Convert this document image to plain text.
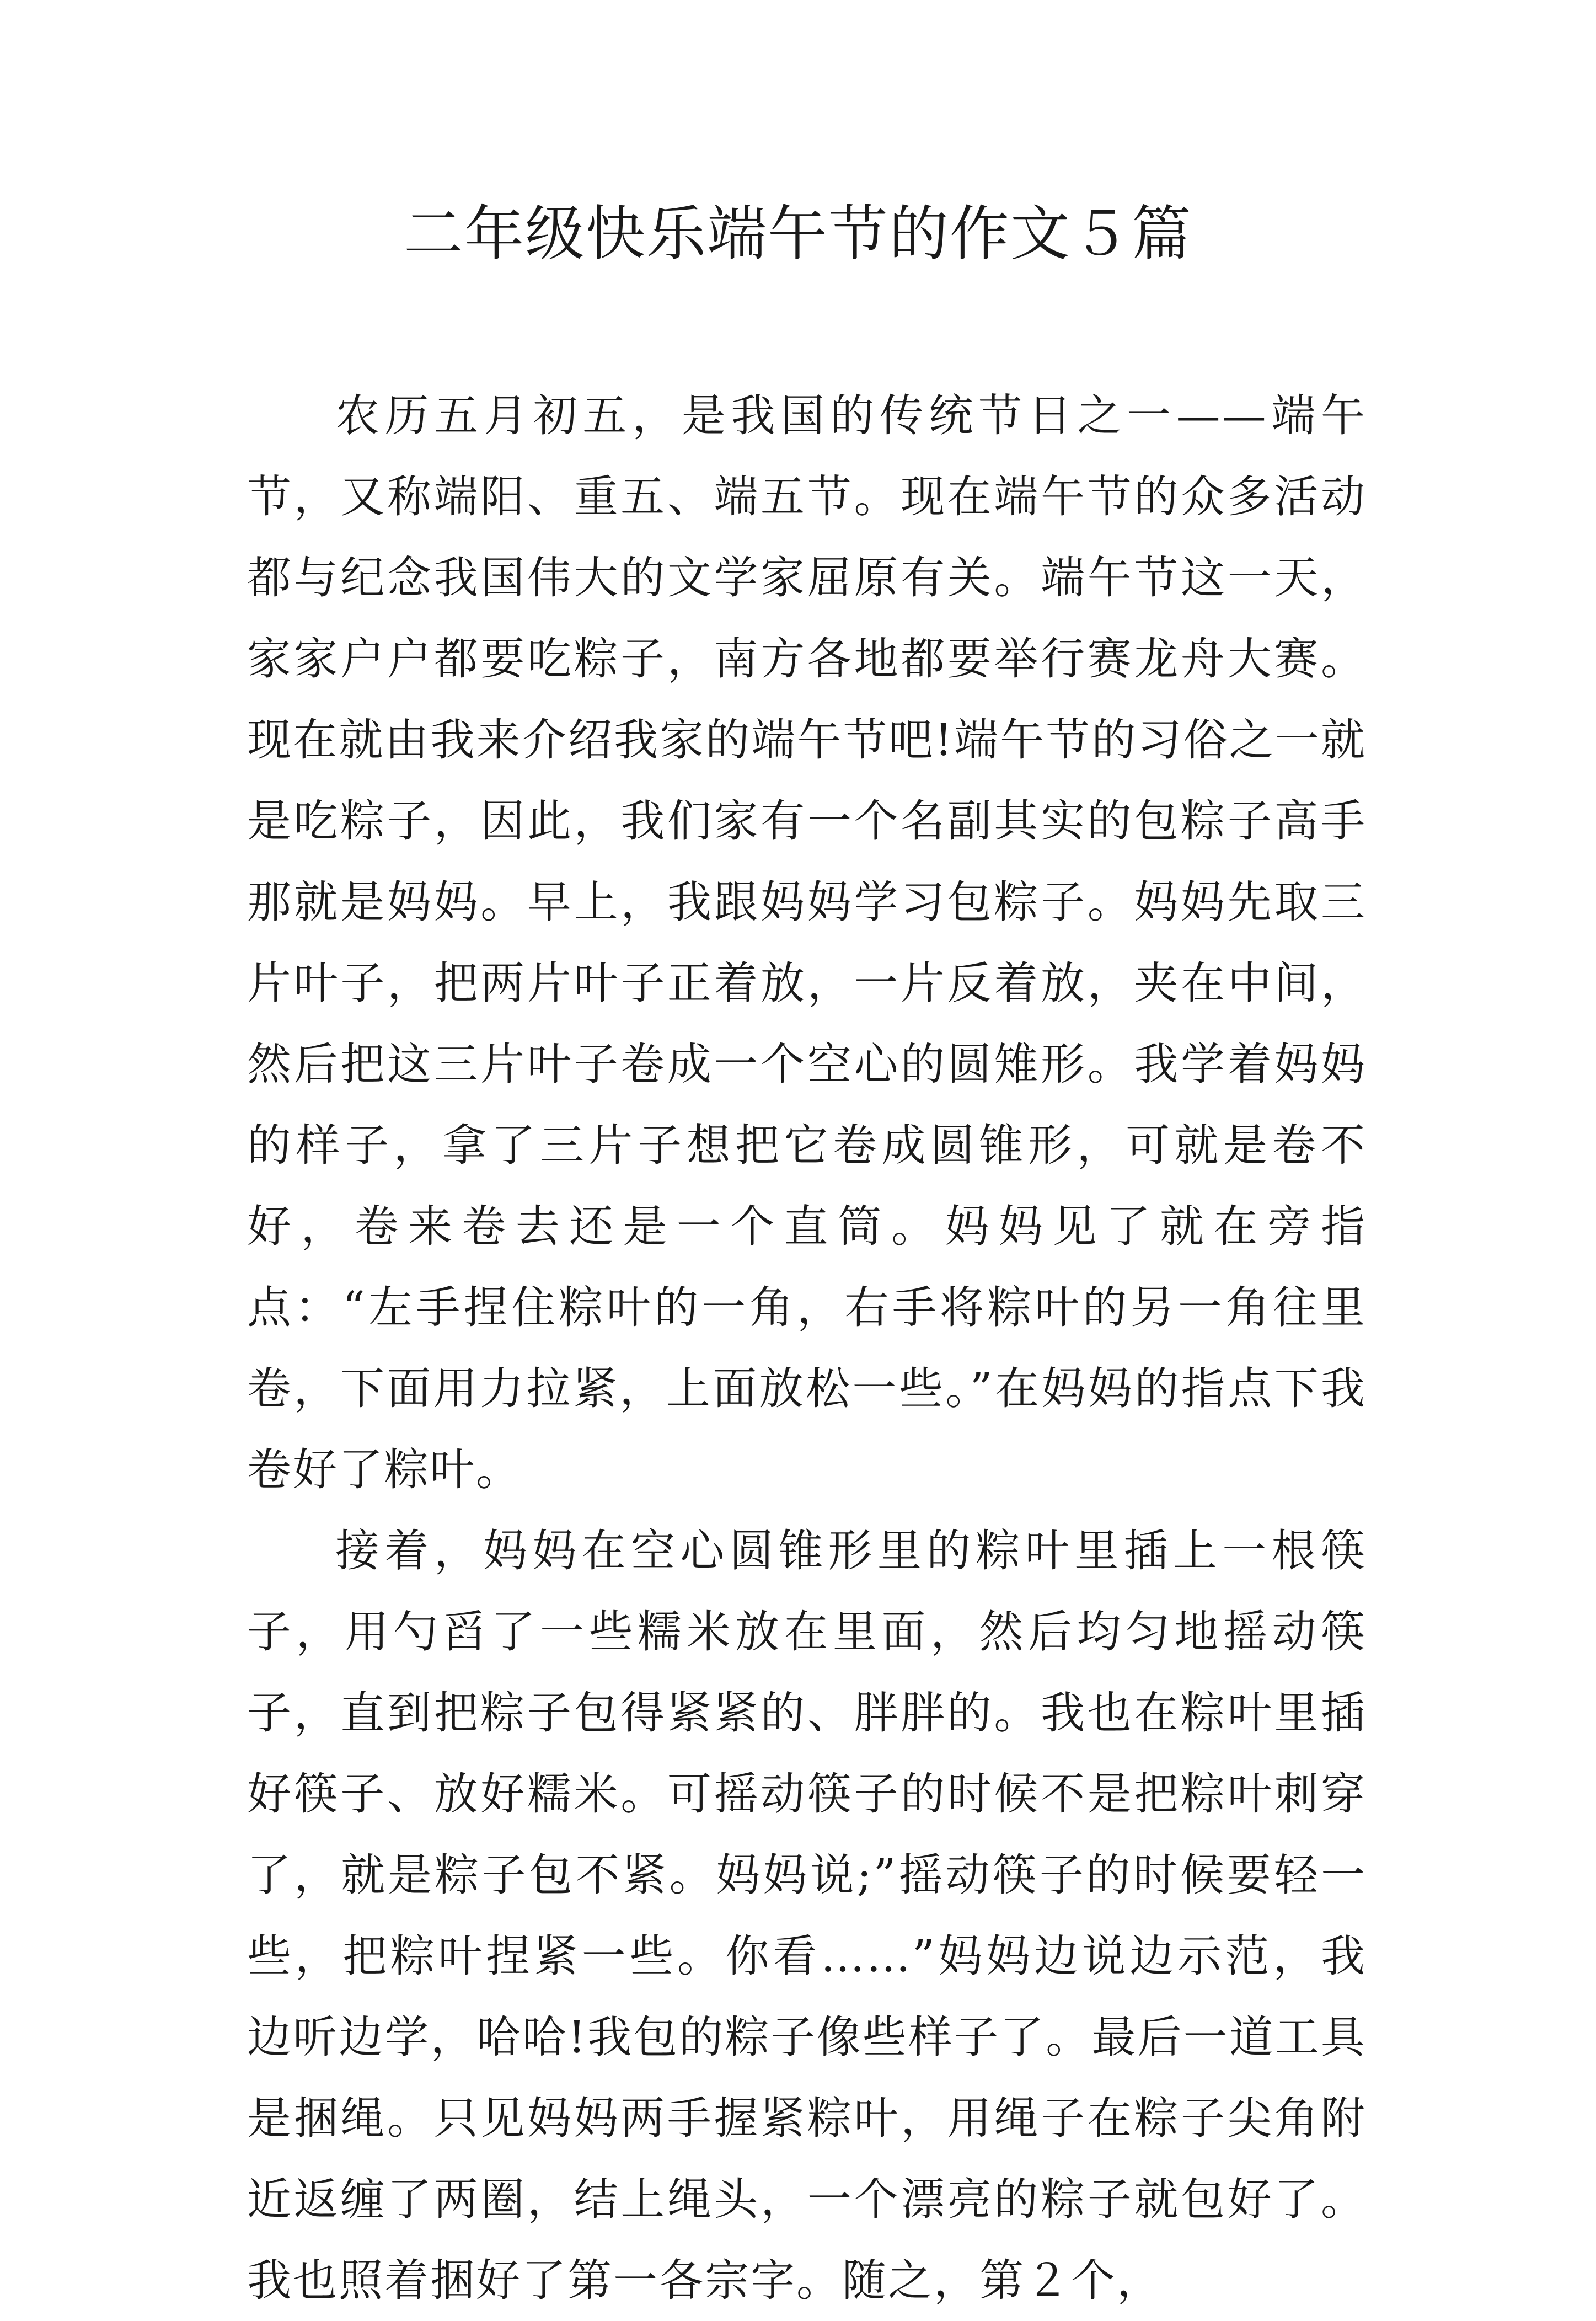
二年级快乐端午节的作文５篇

农历五月初五，是我国的传统节日之一——端午节，又称端阳、重五、端五节。现在端午节的众多活动都与纪念我国伟大的文学家屈原有关。端午节这一天，家家户户都要吃粽子，南方各地都要举行赛龙舟大赛。现在就由我来介绍我家的端午节吧!端午节的习俗之一就是吃粽子，因此，我们家有一个名副其实的包粽子高手那就是妈妈。早上，我跟妈妈学习包粽子。妈妈先取三片叶子，把两片叶子正着放，一片反着放，夹在中间，然后把这三片叶子卷成一个空心的圆雉形。我学着妈妈的样子，拿了三片子想把它卷成圆锥形，可就是卷不好，卷来卷去还是一个直筒。妈妈见了就在旁指点：“左手捏住粽叶的一角，右手将粽叶的另一角往里卷，下面用力拉紧，上面放松一些。”在妈妈的指点下我卷好了粽叶。

接着，妈妈在空心圆锥形里的粽叶里插上一根筷子，用勺舀了一些糯米放在里面，然后均匀地摇动筷子，直到把粽子包得紧紧的、胖胖的。我也在粽叶里插好筷子、放好糯米。可摇动筷子的时候不是把粽叶刺穿了，就是粽子包不紧。妈妈说;”摇动筷子的时候要轻一些，把粽叶捏紧一些。你看……”妈妈边说边示范，我边听边学，哈哈!我包的粽子像些样子了。最后一道工具是捆绳。只见妈妈两手握紧粽叶，用绳子在粽子尖角附近返缠了两圈，结上绳头，一个漂亮的粽子就包好了。我也照着捆好了第一各宗字。随之，第２个，
